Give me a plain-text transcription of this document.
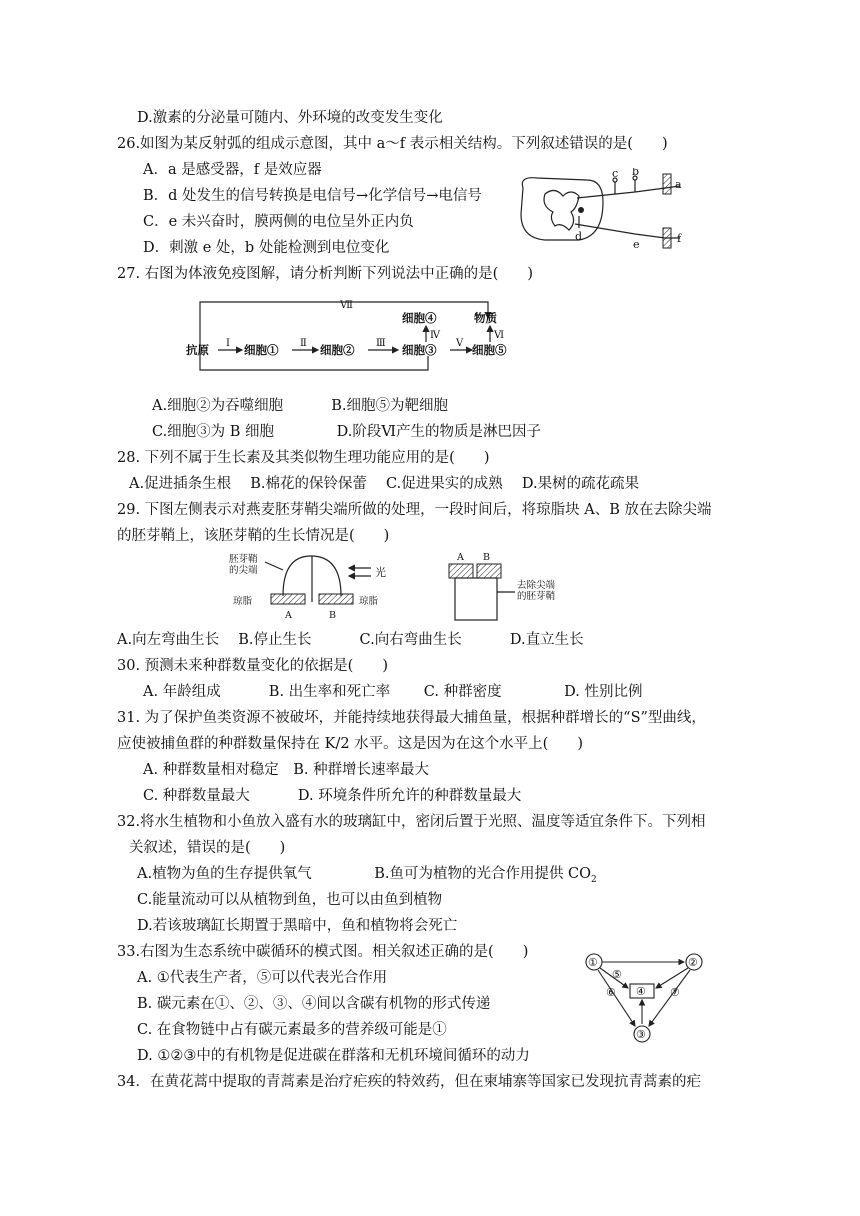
D.激素的分泌量可随内、外环境的改变发生变化
26.如图为某反射弧的组成示意图，其中 a～f 表示相关结构。下列叙述错误的是(　　)
A．a 是感受器，f 是效应器
B．d 处发生的信号转换是电信号→化学信号→电信号
C．e 未兴奋时，膜两侧的电位呈外正内负
D．刺激 e 处，b 处能检测到电位变化
27. 右图为体液免疫图解，请分析判断下列说法中正确的是(　　)
A.细胞②为吞噬细胞　　　 B.细胞⑤为靶细胞
C.细胞③为 B 细胞　　　　 D.阶段Ⅵ产生的物质是淋巴因子
28. 下列不属于生长素及其类似物生理功能应用的是(　　)
A.促进插条生根　 B.棉花的保铃保蕾　 C.促进果实的成熟　 D.果树的疏花疏果
29. 下图左侧表示对燕麦胚芽鞘尖端所做的处理，一段时间后，将琼脂块 A、B 放在去除尖端
的胚芽鞘上，该胚芽鞘的生长情况是(　　)
A.向左弯曲生长　 B.停止生长　　　 C.向右弯曲生长　　　 D.直立生长
30. 预测未来种群数量变化的依据是(　　)
A. 年龄组成　　　 B. 出生率和死亡率　　 C. 种群密度　　　　 D. 性别比例
31. 为了保护鱼类资源不被破坏，并能持续地获得最大捕鱼量，根据种群增长的“S”型曲线，
应使被捕鱼群的种群数量保持在 K/2 水平。这是因为在这个水平上(　　)
A. 种群数量相对稳定　B. 种群增长速率最大
C. 种群数量最大　　　 D. 环境条件所允许的种群数量最大
32.将水生植物和小鱼放入盛有水的玻璃缸中，密闭后置于光照、温度等适宜条件下。下列相
关叙述，错误的是(　　)
A.植物为鱼的生存提供氧气　　　　 B.鱼可为植物的光合作用提供 $CO_2$
C.能量流动可以从植物到鱼，也可以由鱼到植物
D.若该玻璃缸长期置于黑暗中，鱼和植物将会死亡
33.右图为生态系统中碳循环的模式图。相关叙述正确的是(　　)
A. ①代表生产者，⑤可以代表光合作用
B. 碳元素在①、②、③、④间以含碳有机物的形式传递
C. 在食物链中占有碳元素最多的营养级可能是①
D. ①②③中的有机物是促进碳在群落和无机环境间循环的动力
34．在黄花蒿中提取的青蒿素是治疗疟疾的特效药，但在柬埔寨等国家已发现抗青蒿素的疟
a
b
c
d
e	f
抗原	细胞①	细胞②	细胞③
细胞④
细胞⑤
物质
Ⅰ	Ⅱ	Ⅲ
Ⅳ
Ⅴ
Ⅵ
Ⅶ
胚芽鞘
的尖端	光
琼脂	琼脂
A	B
A B
去除尖端
的胚芽鞘
①	②
③
④
⑤
⑥	⑦
